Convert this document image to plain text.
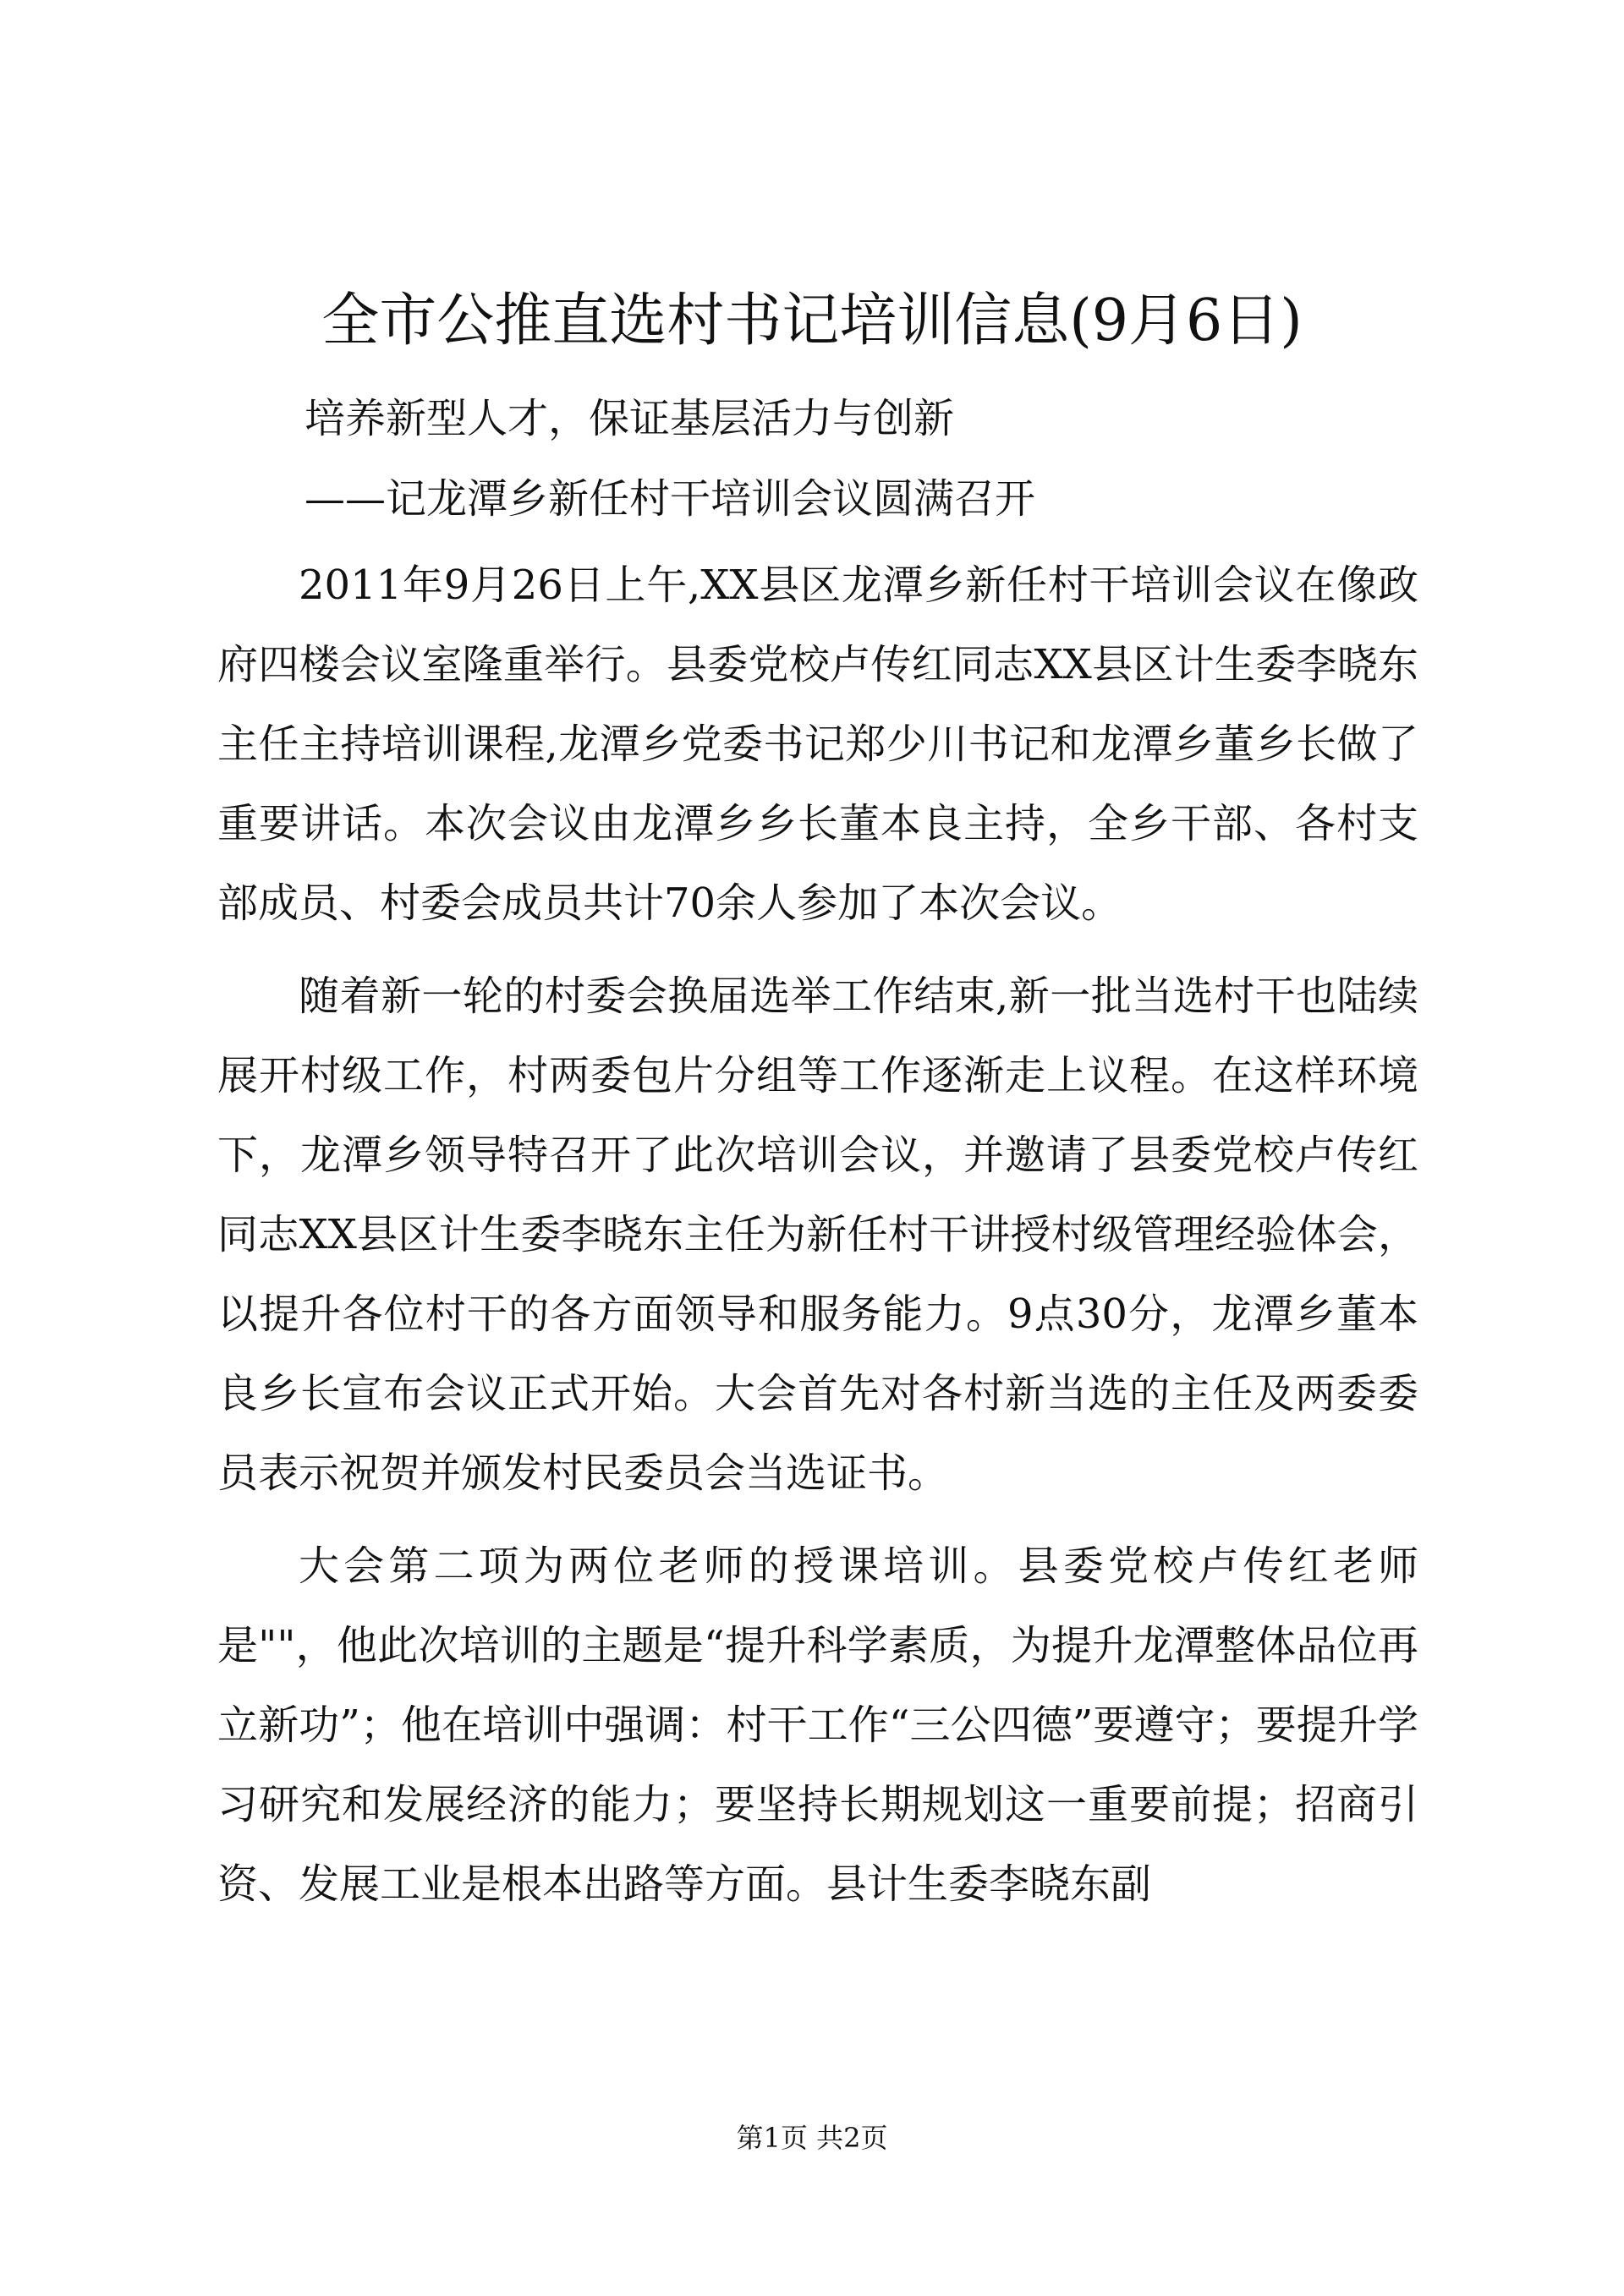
全市公推直选村书记培训信息(9月6日)

培养新型人才，保证基层活力与创新

——记龙潭乡新任村干培训会议圆满召开

2011年9月26日上午,XX县区龙潭乡新任村干培训会议在像政府四楼会议室隆重举行。县委党校卢传红同志XX县区计生委李晓东主任主持培训课程,龙潭乡党委书记郑少川书记和龙潭乡董乡长做了重要讲话。本次会议由龙潭乡乡长董本良主持，全乡干部、各村支部成员、村委会成员共计70余人参加了本次会议。

随着新一轮的村委会换届选举工作结束,新一批当选村干也陆续展开村级工作，村两委包片分组等工作逐渐走上议程。在这样环境下，龙潭乡领导特召开了此次培训会议，并邀请了县委党校卢传红同志XX县区计生委李晓东主任为新任村干讲授村级管理经验体会，以提升各位村干的各方面领导和服务能力。9点30分，龙潭乡董本良乡长宣布会议正式开始。大会首先对各村新当选的主任及两委委员表示祝贺并颁发村民委员会当选证书。

大会第二项为两位老师的授课培训。县委党校卢传红老师是""，他此次培训的主题是“提升科学素质，为提升龙潭整体品位再立新功”；他在培训中强调：村干工作“三公四德”要遵守；要提升学习研究和发展经济的能力；要坚持长期规划这一重要前提；招商引资、发展工业是根本出路等方面。县计生委李晓东副

第1页 共2页
